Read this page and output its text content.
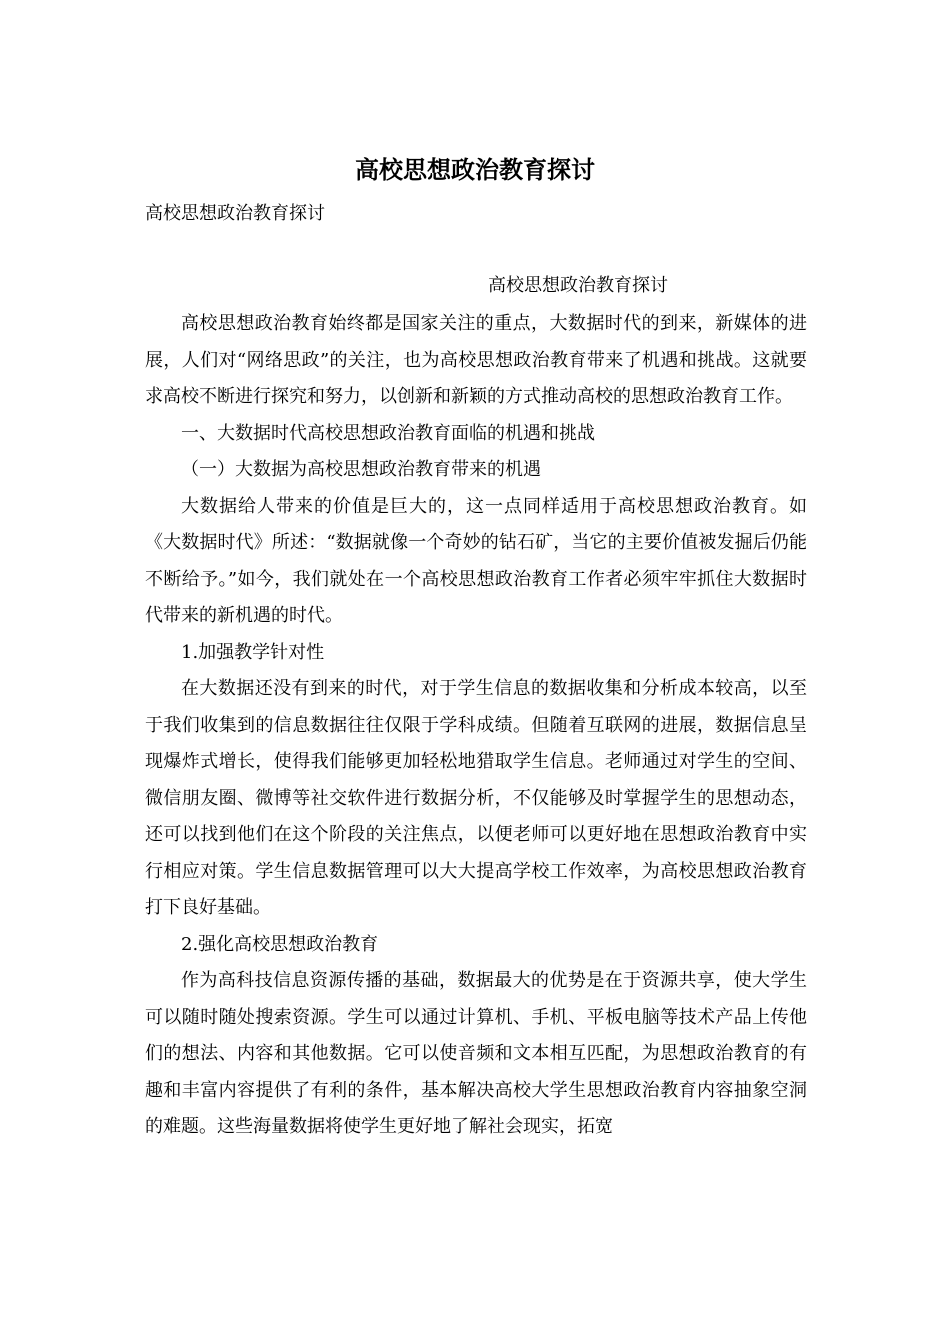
高校思想政治教育探讨
高校思想政治教育探讨
高校思想政治教育探讨

高校思想政治教育始终都是国家关注的重点，大数据时代的到来，新媒体的进展，人们对“网络思政”的关注，也为高校思想政治教育带来了机遇和挑战。这就要求高校不断进行探究和努力，以创新和新颖的方式推动高校的思想政治教育工作。

一、大数据时代高校思想政治教育面临的机遇和挑战

（一）大数据为高校思想政治教育带来的机遇

大数据给人带来的价值是巨大的，这一点同样适用于高校思想政治教育。如《大数据时代》所述：“数据就像一个奇妙的钻石矿，当它的主要价值被发掘后仍能不断给予。”如今，我们就处在一个高校思想政治教育工作者必须牢牢抓住大数据时代带来的新机遇的时代。

1.加强教学针对性

在大数据还没有到来的时代，对于学生信息的数据收集和分析成本较高，以至于我们收集到的信息数据往往仅限于学科成绩。但随着互联网的进展，数据信息呈现爆炸式增长，使得我们能够更加轻松地猎取学生信息。老师通过对学生的空间、微信朋友圈、微博等社交软件进行数据分析，不仅能够及时掌握学生的思想动态，还可以找到他们在这个阶段的关注焦点，以便老师可以更好地在思想政治教育中实行相应对策。学生信息数据管理可以大大提高学校工作效率，为高校思想政治教育打下良好基础。

2.强化高校思想政治教育

作为高科技信息资源传播的基础，数据最大的优势是在于资源共享，使大学生可以随时随处搜索资源。学生可以通过计算机、手机、平板电脑等技术产品上传他们的想法、内容和其他数据。它可以使音频和文本相互匹配，为思想政治教育的有趣和丰富内容提供了有利的条件，基本解决高校大学生思想政治教育内容抽象空洞的难题。这些海量数据将使学生更好地了解社会现实，拓宽
